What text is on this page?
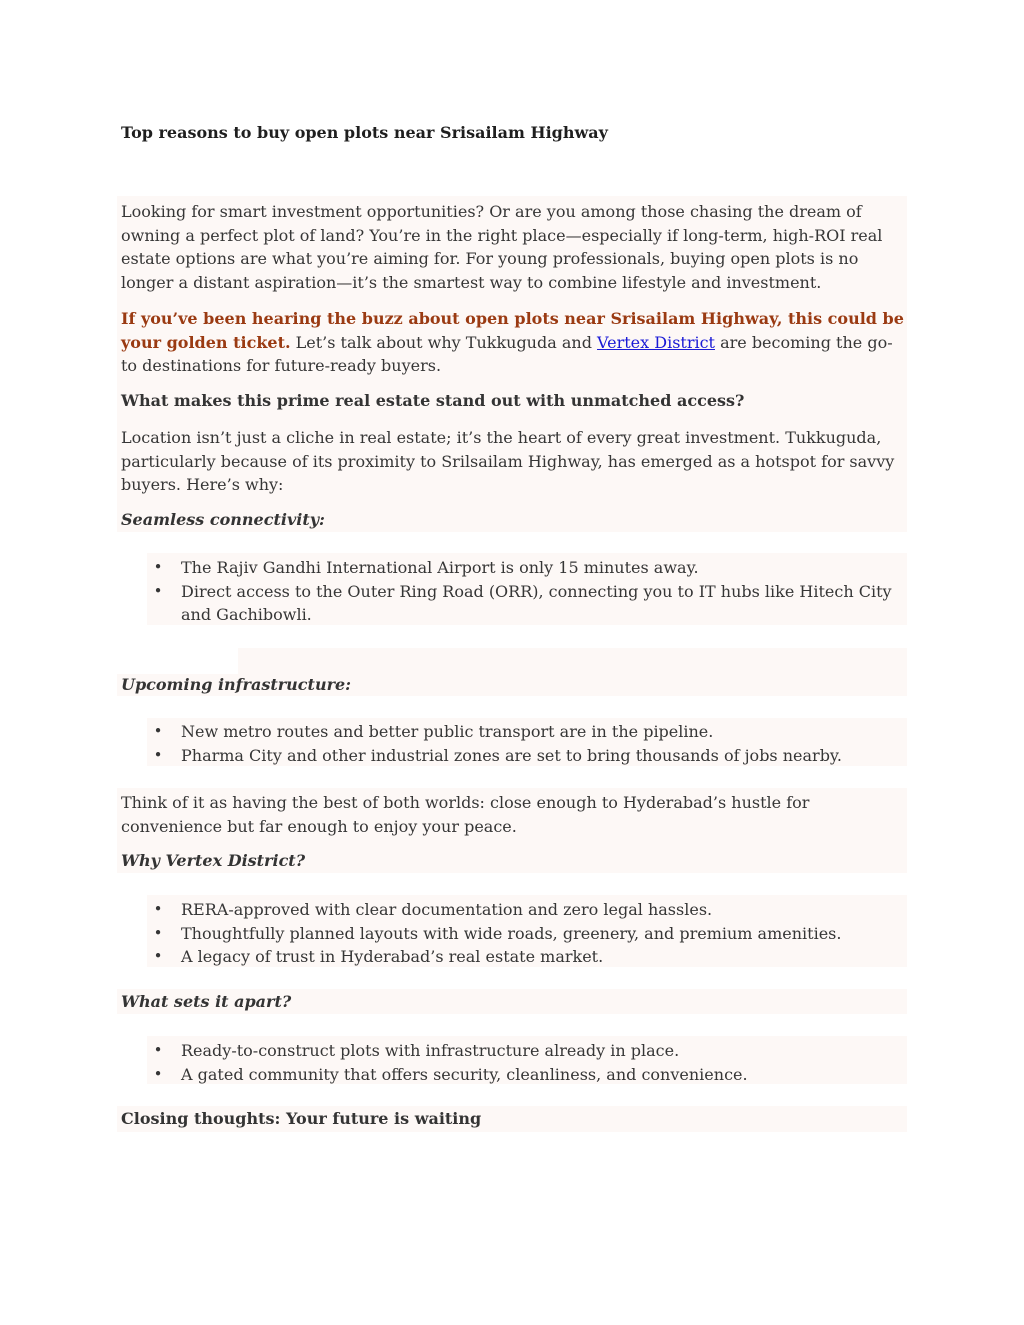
Top reasons to buy open plots near Srisailam Highway

Looking for smart investment opportunities? Or are you among those chasing the dream of owning a perfect plot of land? You’re in the right place—especially if long-term, high-ROI real estate options are what you’re aiming for. For young professionals, buying open plots is no longer a distant aspiration—it’s the smartest way to combine lifestyle and investment.

If you’ve been hearing the buzz about open plots near Srisailam Highway, this could be your golden ticket. Let’s talk about why Tukkuguda and Vertex District are becoming the go-to destinations for future-ready buyers.

What makes this prime real estate stand out with unmatched access?

Location isn’t just a cliche in real estate; it’s the heart of every great investment. Tukkuguda, particularly because of its proximity to Srilsailam Highway, has emerged as a hotspot for savvy buyers. Here’s why:

Seamless connectivity:
• The Rajiv Gandhi International Airport is only 15 minutes away.
• Direct access to the Outer Ring Road (ORR), connecting you to IT hubs like Hitech City and Gachibowli.
Upcoming infrastructure:
• New metro routes and better public transport are in the pipeline.
• Pharma City and other industrial zones are set to bring thousands of jobs nearby.

Think of it as having the best of both worlds: close enough to Hyderabad’s hustle for convenience but far enough to enjoy your peace.

Why Vertex District?
• RERA-approved with clear documentation and zero legal hassles.
• Thoughtfully planned layouts with wide roads, greenery, and premium amenities.
• A legacy of trust in Hyderabad’s real estate market.
What sets it apart?
• Ready-to-construct plots with infrastructure already in place.
• A gated community that offers security, cleanliness, and convenience.
Closing thoughts: Your future is waiting
